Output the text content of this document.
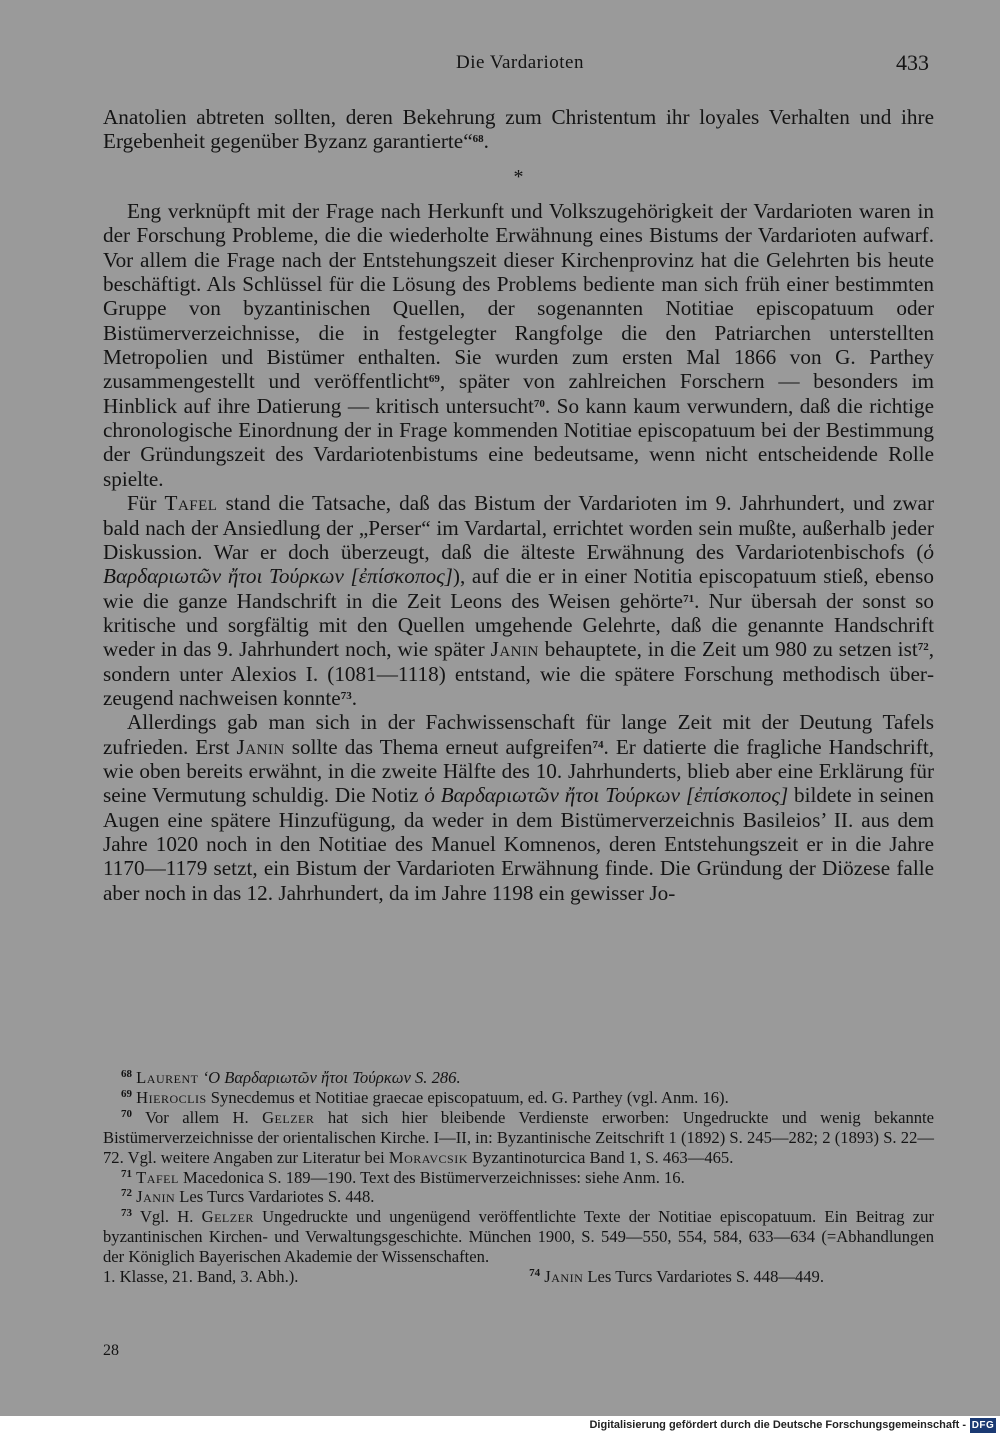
Die Vardarioten	433

Anatolien abtreten sollten, deren Bekehrung zum Christentum ihr loyales Verhalten und ihre Ergebenheit gegenüber Byzanz garantierte“$^{68}$.

*

Eng verknüpft mit der Frage nach Herkunft und Volkszugehörigkeit der Vardarioten waren in der Forschung Probleme, die die wiederholte Erwähnung eines Bistums der Vardarioten aufwarf. Vor allem die Frage nach der Entstehungszeit dieser Kirchenprovinz hat die Gelehrten bis heute beschäftigt. Als Schlüssel für die Lösung des Problems bediente man sich früh einer bestimmten Gruppe von byzantinischen Quellen, der sogenannten Notitiae episcopatuum oder Bistümerverzeichnisse, die in festgelegter Rangfolge die den Patriarchen unterstellten Metropolien und Bistümer enthalten. Sie wurden zum ersten Mal 1866 von G. Parthey zusammengestellt und veröffentlicht$^{69}$, später von zahlreichen Forschern — besonders im Hinblick auf ihre Datierung — kritisch untersucht$^{70}$. So kann kaum verwundern, daß die richtige chronologische Einordnung der in Frage kommenden Notitiae episcopatuum bei der Bestimmung der Gründungszeit des Vardariotenbistums eine bedeutsame, wenn nicht entscheidende Rolle spielte.

Für Tafel stand die Tatsache, daß das Bistum der Vardarioten im 9. Jahrhundert, und zwar bald nach der Ansiedlung der „Perser“ im Vardartal, errichtet worden sein mußte, außerhalb jeder Diskussion. War er doch überzeugt, daß die älteste Erwähnung des Vardariotenbischofs (ὁ Βαρδαριωτῶν ἤτοι Τούρκων [ἐπίσκοπος]), auf die er in einer Notitia episcopatuum stieß, ebenso wie die ganze Handschrift in die Zeit Leons des Weisen gehörte$^{71}$. Nur übersah der sonst so kritische und sorgfältig mit den Quellen umgehende Gelehrte, daß die genannte Handschrift weder in das 9. Jahrhundert noch, wie später Janin behauptete, in die Zeit um 980 zu setzen ist$^{72}$, sondern unter Alexios I. (1081—1118) entstand, wie die spätere Forschung methodisch überzeugend nachweisen konnte$^{73}$.

Allerdings gab man sich in der Fachwissenschaft für lange Zeit mit der Deutung Tafels zufrieden. Erst Janin sollte das Thema erneut aufgreifen$^{74}$. Er datierte die fragliche Handschrift, wie oben bereits erwähnt, in die zweite Hälfte des 10. Jahrhunderts, blieb aber eine Erklärung für seine Vermutung schuldig. Die Notiz ὁ Βαρδαριωτῶν ἤτοι Τούρκων [ἐπίσκοπος] bildete in seinen Augen eine spätere Hinzufügung, da weder in dem Bistümerverzeichnis Basileios’ II. aus dem Jahre 1020 noch in den Notitiae des Manuel Komnenos, deren Entstehungszeit er in die Jahre 1170—1179 setzt, ein Bistum der Vardarioten Erwähnung finde. Die Gründung der Diözese falle aber noch in das 12. Jahrhundert, da im Jahre 1198 ein gewisser Jo-

$^{68}$ Laurent ‘Ο Βαρδαριωτῶν ἤτοι Τούρκων S. 286.

$^{69}$ Hieroclıs Synecdemus et Notitiae graecae episcopatuum, ed. G. Parthey (vgl. Anm. 16).

$^{70}$ Vor allem H. Gelzer hat sich hier bleibende Verdienste erworben: Ungedruckte und wenig bekannte Bistümerverzeichnisse der orientalischen Kirche. I—II, in: Byzantinische Zeitschrift 1 (1892) S. 245—282; 2 (1893) S. 22—72. Vgl. weitere Angaben zur Literatur bei Moravcsik Byzantinoturcica Band 1, S. 463—465.

$^{71}$ Tafel Macedonica S. 189—190. Text des Bistümerverzeichnisses: siehe Anm. 16.

$^{72}$ Janin Les Turcs Vardariotes S. 448.

$^{73}$ Vgl. H. Gelzer Ungedruckte und ungenügend veröffentlichte Texte der Notitiae episcopatuum. Ein Beitrag zur byzantinischen Kirchen- und Verwaltungsgeschichte. München 1900, S. 549—550, 554, 584, 633—634 (=Abhandlungen der Königlich Bayerischen Akademie der Wissenschaften.

1. Klasse, 21. Band, 3. Abh.).	$^{74}$ Janin Les Turcs Vardariotes S. 448—449.

28
Digitalisierung gefördert durch die Deutsche Forschungsgemeinschaft - DFG
